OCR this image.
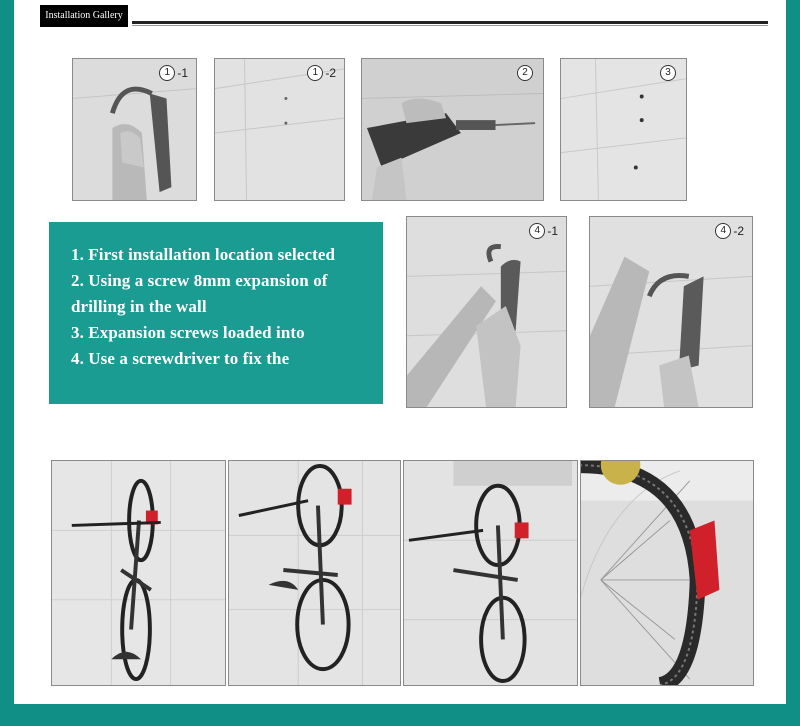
Installation Gallery
1 -1	1 -2	2	3

1. First installation location selected

2. Using a screw 8mm expansion of

drilling in the wall

3. Expansion screws loaded into

4. Use a screwdriver to fix the

4 -1	4 -2
